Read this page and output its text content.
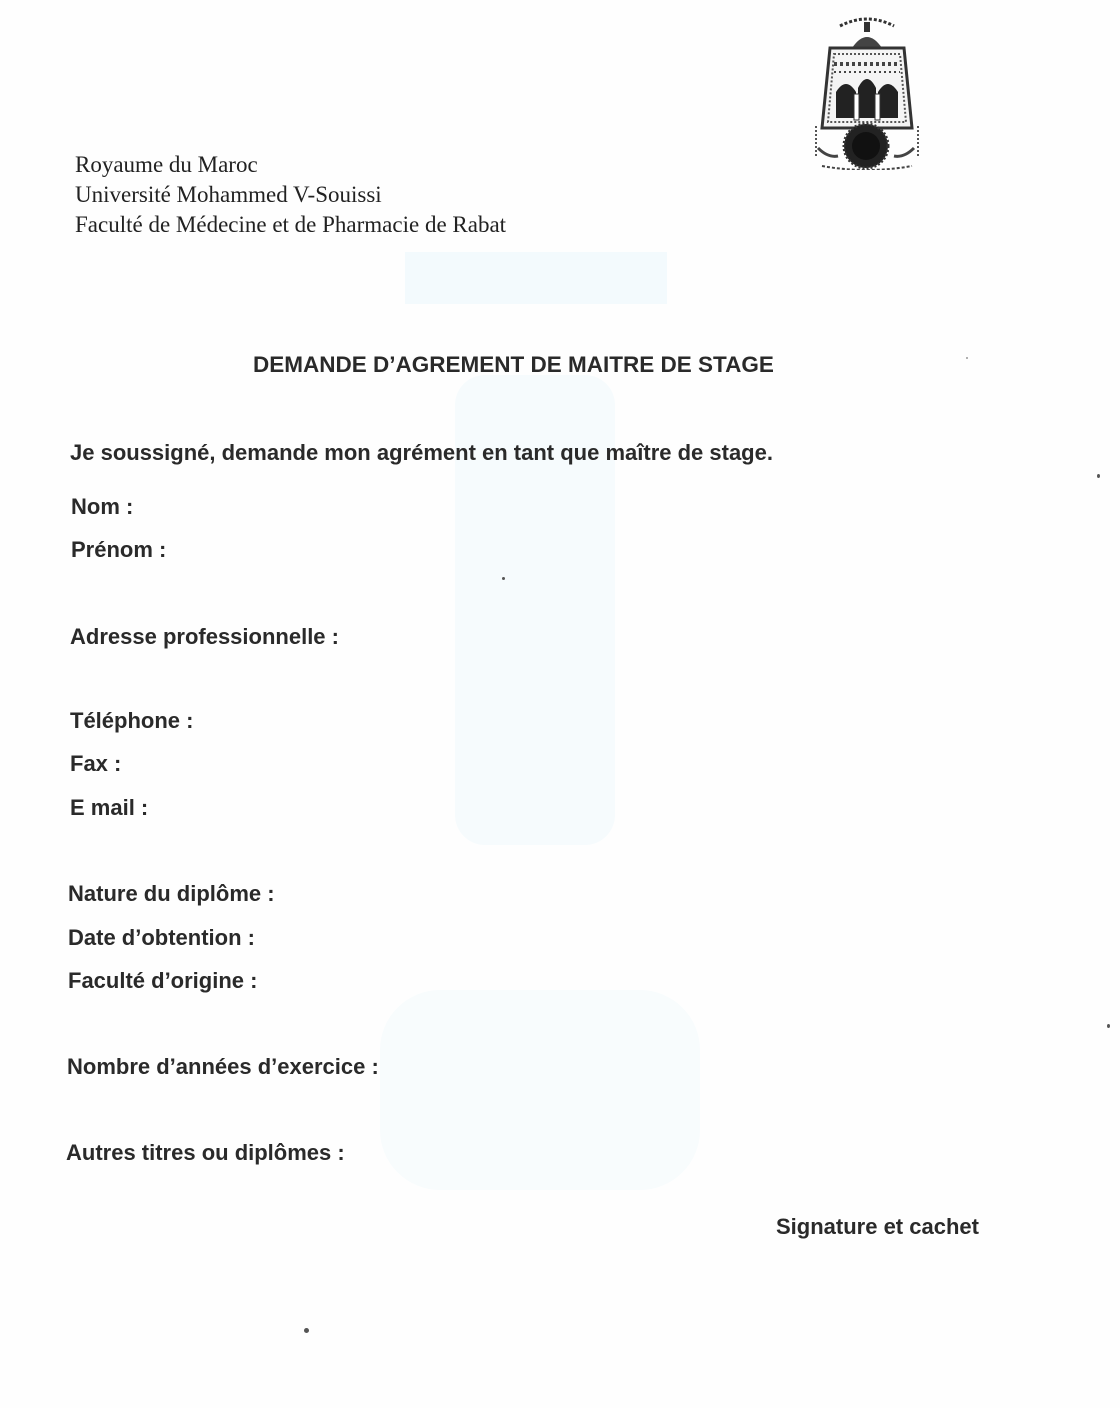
Royaume du Maroc
Université Mohammed V-Souissi
Faculté de Médecine et de Pharmacie de Rabat
DEMANDE D’AGREMENT DE MAITRE DE STAGE
Je soussigné, demande mon agrément en tant que maître de stage.
Nom :
Prénom :
Adresse professionnelle :
Téléphone :
Fax :
E mail :
Nature du diplôme :
Date d’obtention :
Faculté d’origine :
Nombre d’années d’exercice :
Autres titres ou diplômes :
Signature et cachet
